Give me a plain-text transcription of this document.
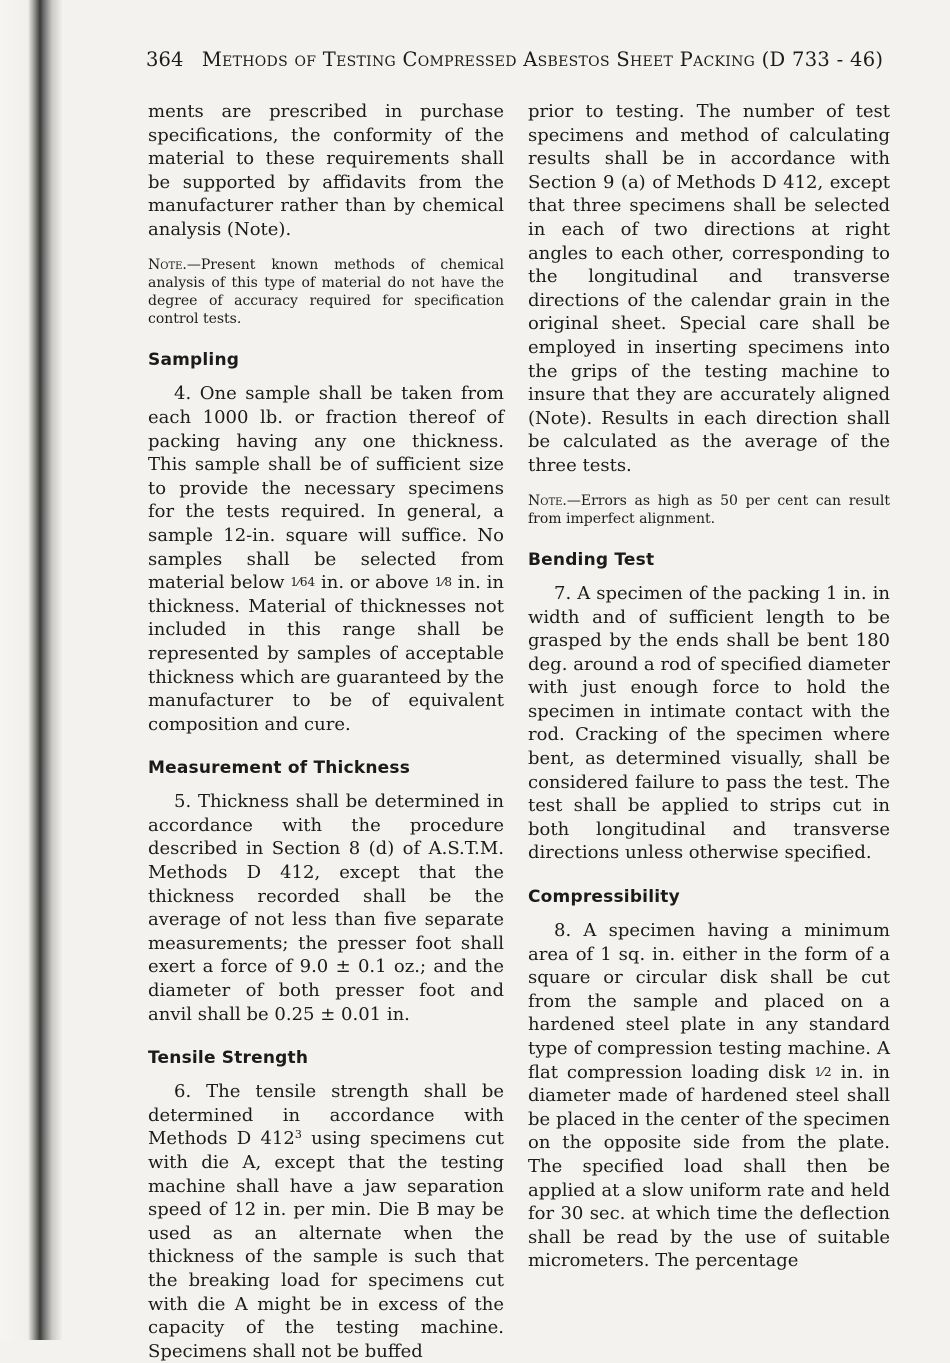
364 Methods of Testing Compressed Asbestos Sheet Packing (D 733 - 46)

ments are prescribed in purchase specifications, the conformity of the material to these requirements shall be supported by affidavits from the manufacturer rather than by chemical analysis (Note).

Note.—Present known methods of chemical analysis of this type of material do not have the degree of accuracy required for specification control tests.

Sampling

4. One sample shall be taken from each 1000 lb. or fraction thereof of packing having any one thickness. This sample shall be of sufficient size to provide the necessary specimens for the tests required. In general, a sample 12-in. square will suffice. No samples shall be selected from material below 1⁄64 in. or above 1⁄8 in. in thickness. Material of thicknesses not included in this range shall be represented by samples of acceptable thickness which are guaranteed by the manufacturer to be of equivalent composition and cure.

Measurement of Thickness

5. Thickness shall be determined in accordance with the procedure described in Section 8 (d) of A.S.T.M. Methods D 412, except that the thickness recorded shall be the average of not less than five separate measurements; the presser foot shall exert a force of 9.0 ± 0.1 oz.; and the diameter of both presser foot and anvil shall be 0.25 ± 0.01 in.

Tensile Strength

6. The tensile strength shall be determined in accordance with Methods D $412^3$ using specimens cut with die A, except that the testing machine shall have a jaw separation speed of 12 in. per min. Die B may be used as an alternate when the thickness of the sample is such that the breaking load for specimens cut with die A might be in excess of the capacity of the testing machine. Specimens shall not be buffed

prior to testing. The number of test specimens and method of calculating results shall be in accordance with Section 9 (a) of Methods D 412, except that three specimens shall be selected in each of two directions at right angles to each other, corresponding to the longitudinal and transverse directions of the calendar grain in the original sheet. Special care shall be employed in inserting specimens into the grips of the testing machine to insure that they are accurately aligned (Note). Results in each direction shall be calculated as the average of the three tests.

Note.—Errors as high as 50 per cent can result from imperfect alignment.

Bending Test

7. A specimen of the packing 1 in. in width and of sufficient length to be grasped by the ends shall be bent 180 deg. around a rod of specified diameter with just enough force to hold the specimen in intimate contact with the rod. Cracking of the specimen where bent, as determined visually, shall be considered failure to pass the test. The test shall be applied to strips cut in both longitudinal and transverse directions unless otherwise specified.

Compressibility

8. A specimen having a minimum area of 1 sq. in. either in the form of a square or circular disk shall be cut from the sample and placed on a hardened steel plate in any standard type of compression testing machine. A flat compression loading disk 1⁄2 in. in diameter made of hardened steel shall be placed in the center of the specimen on the opposite side from the plate. The specified load shall then be applied at a slow uniform rate and held for 30 sec. at which time the deflection shall be read by the use of suitable micrometers. The percentage
